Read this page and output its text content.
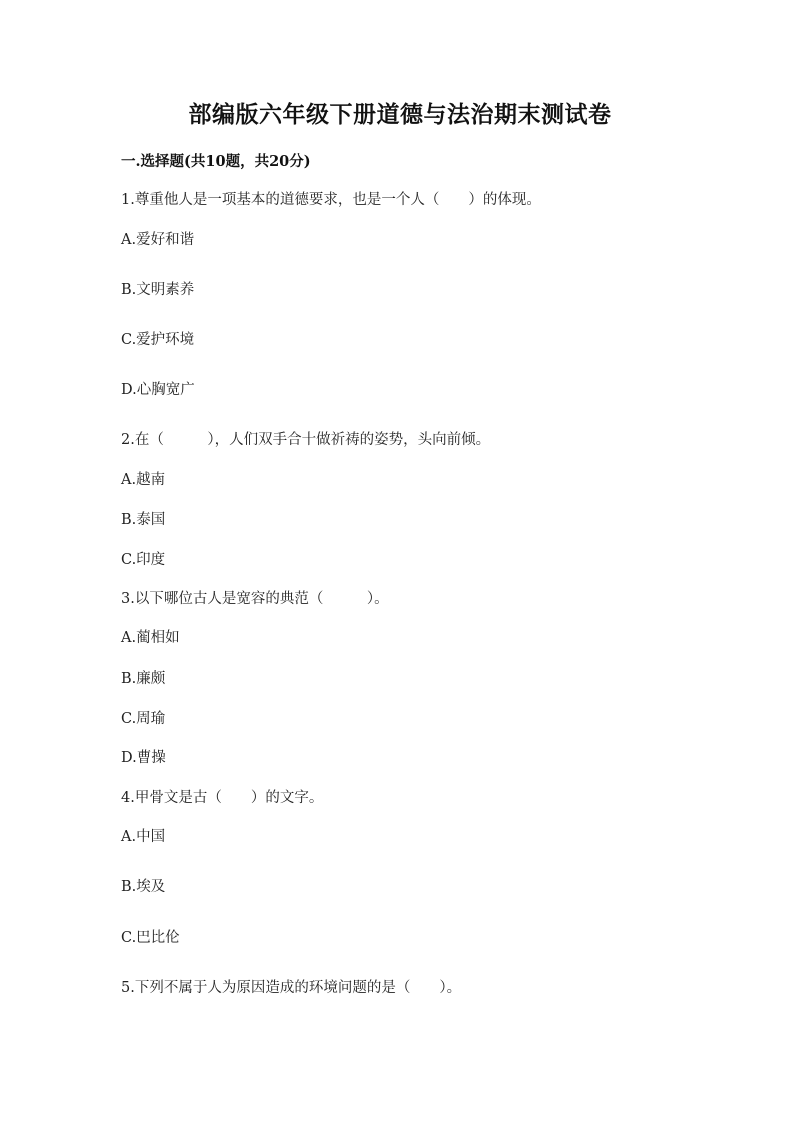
部编版六年级下册道德与法治期末测试卷
一.选择题(共10题，共20分)
1.尊重他人是一项基本的道德要求，也是一个人（　　）的体现。
A.爱好和谐
B.文明素养
C.爱护环境
D.心胸宽广
2.在（　　　），人们双手合十做祈祷的姿势，头向前倾。
A.越南
B.泰国
C.印度
3.以下哪位古人是宽容的典范（　　　）。
A.蔺相如
B.廉颇
C.周瑜
D.曹操
4.甲骨文是古（　　）的文字。
A.中国
B.埃及
C.巴比伦
5.下列不属于人为原因造成的环境问题的是（　　）。
